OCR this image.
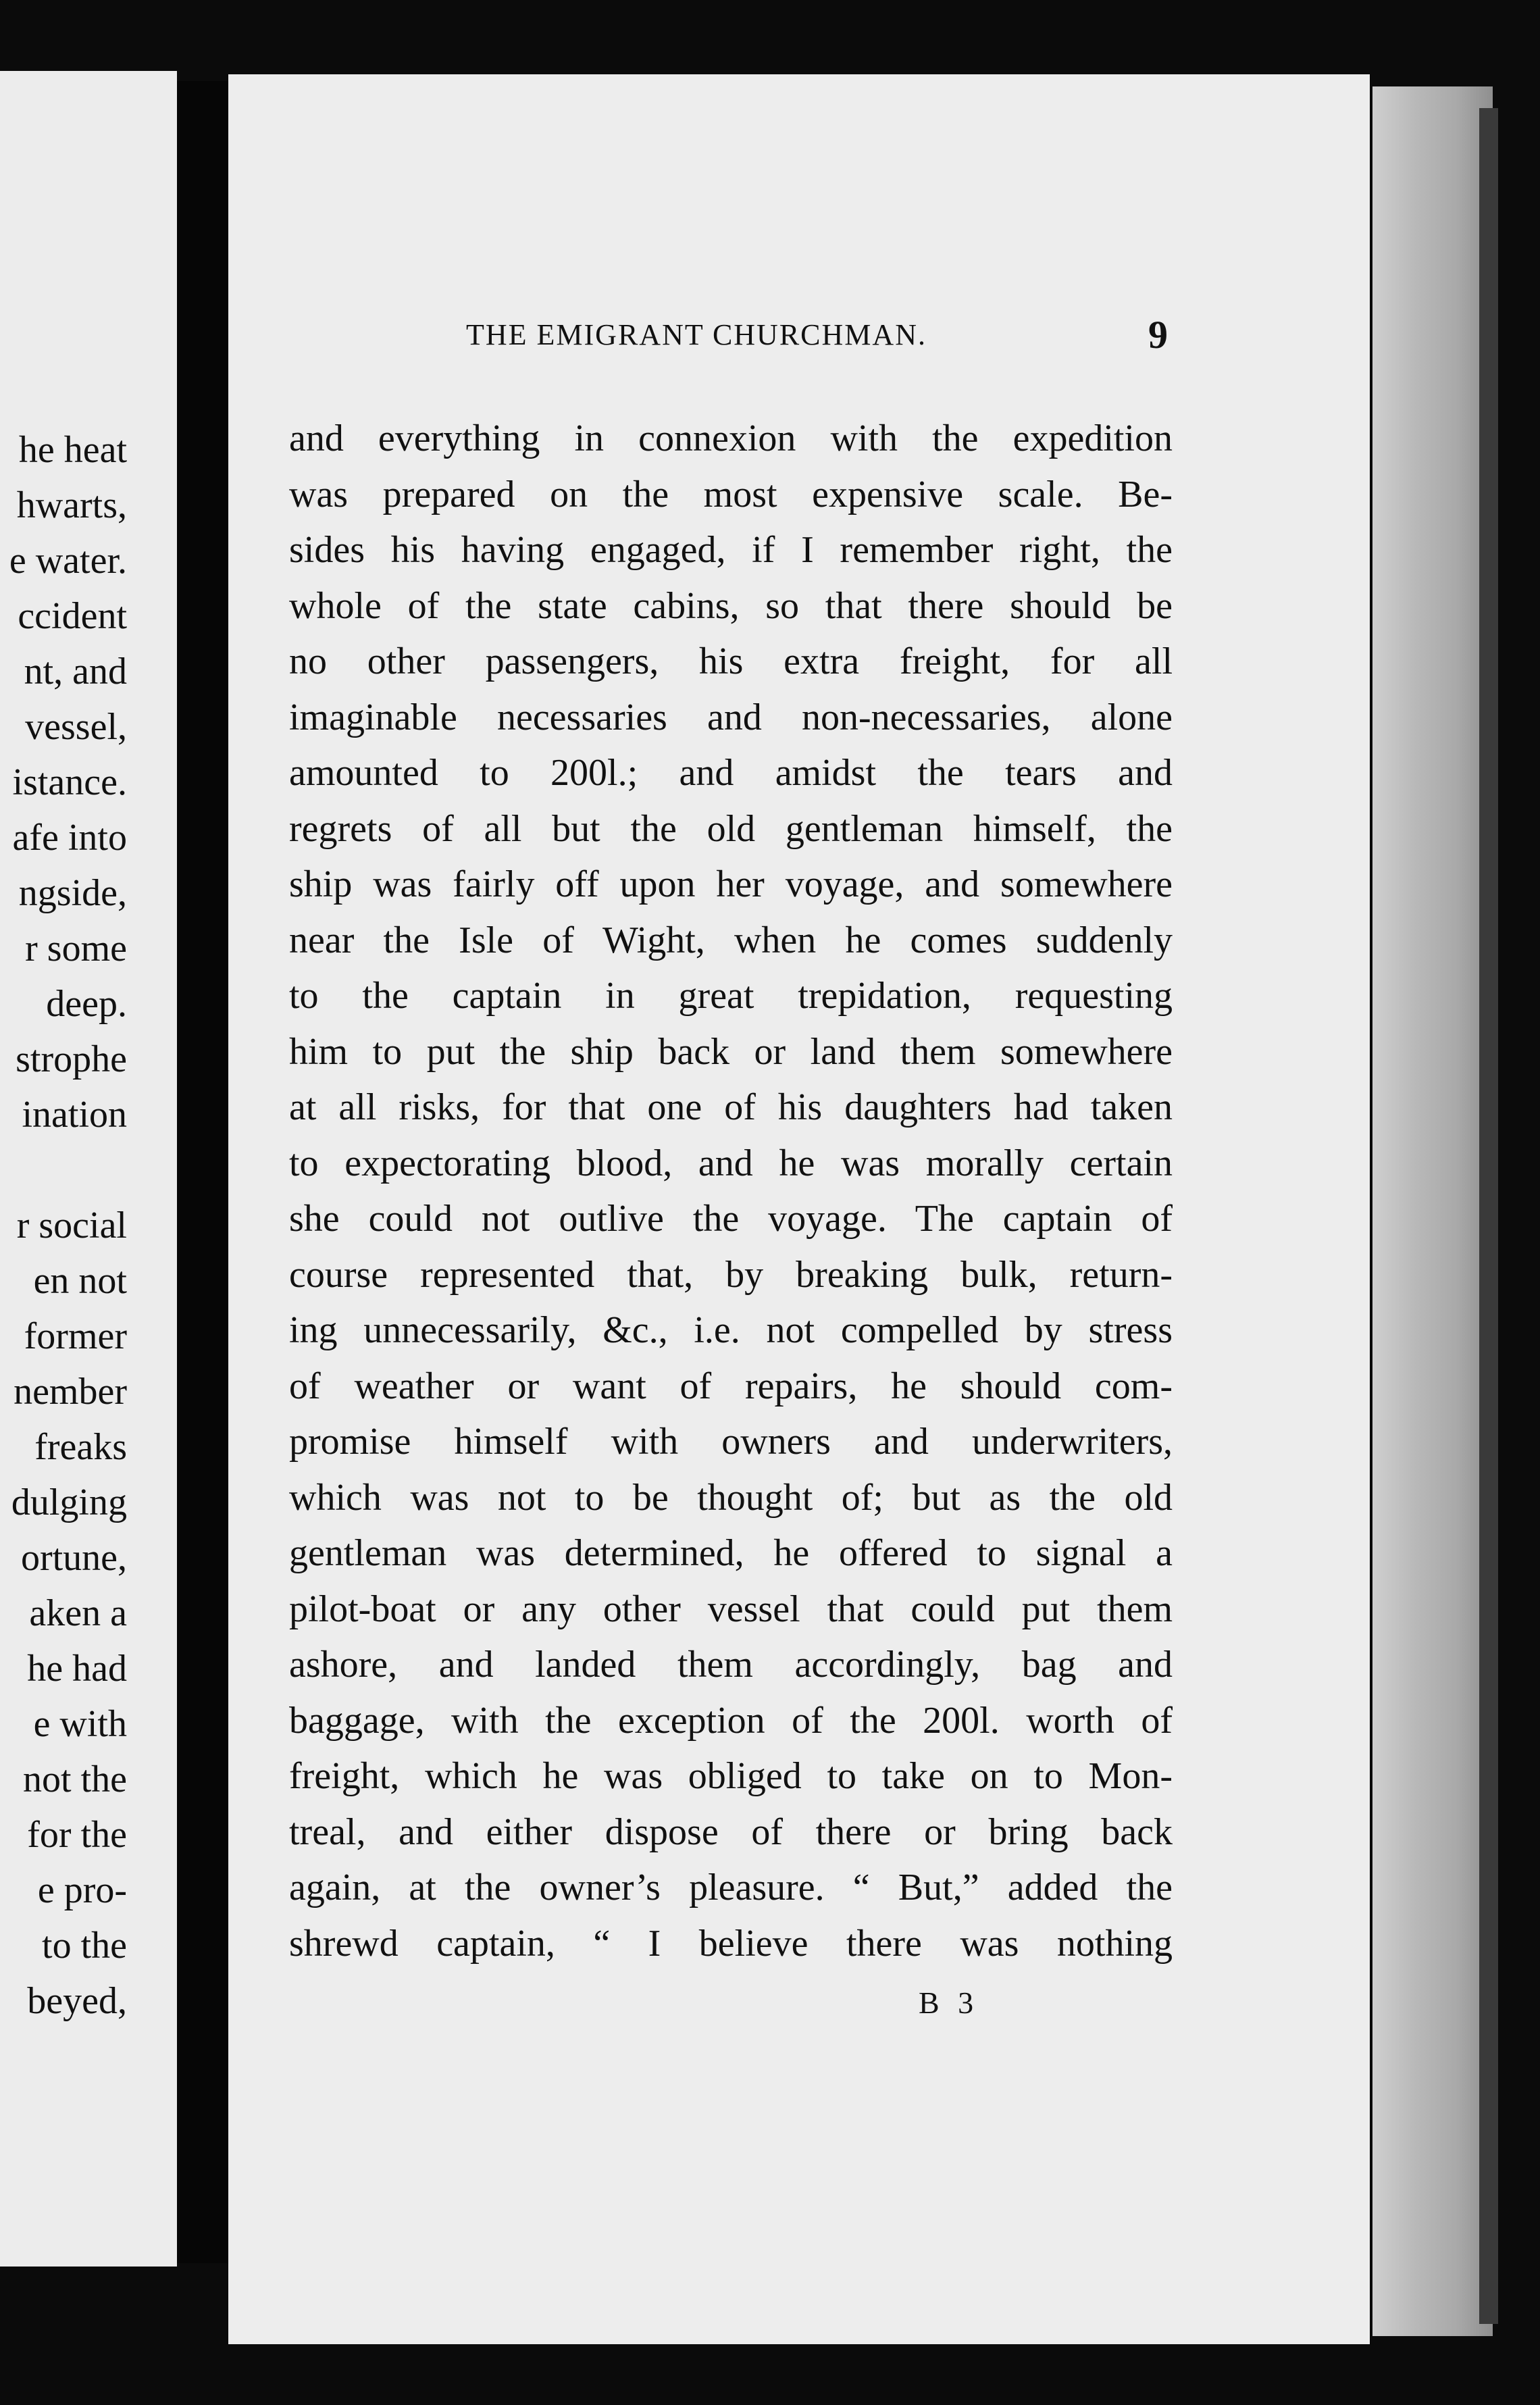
he heat
hwarts,
e water.
ccident
nt, and
vessel,
istance.
afe into
ngside,
r some
deep.
strophe
ination
r social
en not
former
nember
freaks
dulging
ortune,
aken a
he had
e with
not the
for the
e pro-
to the
beyed,
THE EMIGRANT CHURCHMAN.	9
and everything in connexion with the expedition
was prepared on the most expensive scale. Be-
sides his having engaged, if I remember right, the
whole of the state cabins, so that there should be
no other passengers, his extra freight, for all
imaginable necessaries and non-necessaries, alone
amounted to 200l.; and amidst the tears and
regrets of all but the old gentleman himself, the
ship was fairly off upon her voyage, and somewhere
near the Isle of Wight, when he comes suddenly
to the captain in great trepidation, requesting
him to put the ship back or land them somewhere
at all risks, for that one of his daughters had taken
to expectorating blood, and he was morally certain
she could not outlive the voyage. The captain of
course represented that, by breaking bulk, return-
ing unnecessarily, &c., i.e. not compelled by stress
of weather or want of repairs, he should com-
promise himself with owners and underwriters,
which was not to be thought of; but as the old
gentleman was determined, he offered to signal a
pilot-boat or any other vessel that could put them
ashore, and landed them accordingly, bag and
baggage, with the exception of the 200l. worth of
freight, which he was obliged to take on to Mon-
treal, and either dispose of there or bring back
again, at the owner’s pleasure. “ But,” added the
shrewd captain, “ I believe there was nothing
B 3
